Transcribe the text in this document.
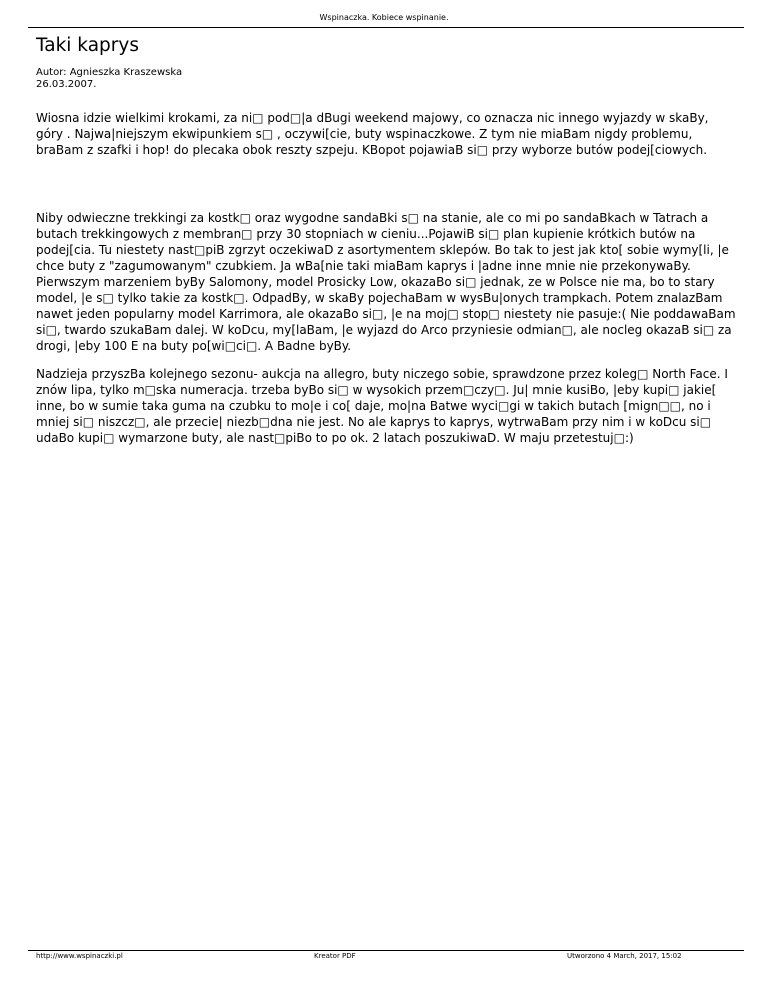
Wspinaczka. Kobiece wspinanie.
Taki kaprys
Autor: Agnieszka Kraszewska
26.03.2007.

Wiosna idzie wielkimi krokami, za ni□ pod□|a dBugi weekend majowy, co oznacza nic innego wyjazdy w skaBy, góry . Najwa|niejszym ekwipunkiem s□ , oczywi[cie, buty wspinaczkowe. Z tym nie miaBam nigdy problemu, braBam z szafki i hop! do plecaka obok reszty szpeju. KBopot pojawiaB si□ przy wyborze butów podej[ciowych.

Niby odwieczne trekkingi za kostk□ oraz wygodne sandaBki s□ na stanie, ale co mi po sandaBkach w Tatrach a butach trekkingowych z membran□ przy 30 stopniach w cieniu...PojawiB si□ plan kupienie krótkich butów na podej[cia. Tu niestety nast□piB zgrzyt oczekiwaD z asortymentem sklepów. Bo tak to jest jak kto[ sobie wymy[li, |e chce buty z "zagumowanym" czubkiem. Ja wBa[nie taki miaBam kaprys i |adne inne mnie nie przekonywaBy. Pierwszym marzeniem byBy Salomony, model Prosicky Low, okazaBo si□ jednak, ze w Polsce nie ma, bo to stary model, |e s□ tylko takie za kostk□. OdpadBy, w skaBy pojechaBam w wysBu|onych trampkach. Potem znalazBam nawet jeden popularny model Karrimora, ale okazaBo si□, |e na moj□ stop□ niestety nie pasuje:( Nie poddawaBam si□, twardo szukaBam dalej. W koDcu, my[laBam, |e wyjazd do Arco przyniesie odmian□, ale nocleg okazaB si□ za drogi, |eby 100 E na buty po[wi□ci□. A Badne byBy.

Nadzieja przyszBa kolejnego sezonu- aukcja na allegro, buty niczego sobie, sprawdzone przez koleg□ North Face. I znów lipa, tylko m□ska numeracja. trzeba byBo si□ w wysokich przem□czy□. Ju| mnie kusiBo, |eby kupi□ jakie[ inne, bo w sumie taka guma na czubku to mo|e i co[ daje, mo|na Batwe wyci□gi w takich butach [mign□□, no i mniej si□ niszcz□, ale przecie| niezb□dna nie jest. No ale kaprys to kaprys, wytrwaBam przy nim i w koDcu si□ udaBo kupi□ wymarzone buty, ale nast□piBo to po ok. 2 latach poszukiwaD. W maju przetestuj□:)

http://www.wspinaczki.pl	Kreator PDF	Utworzono 4 March, 2017, 15:02
